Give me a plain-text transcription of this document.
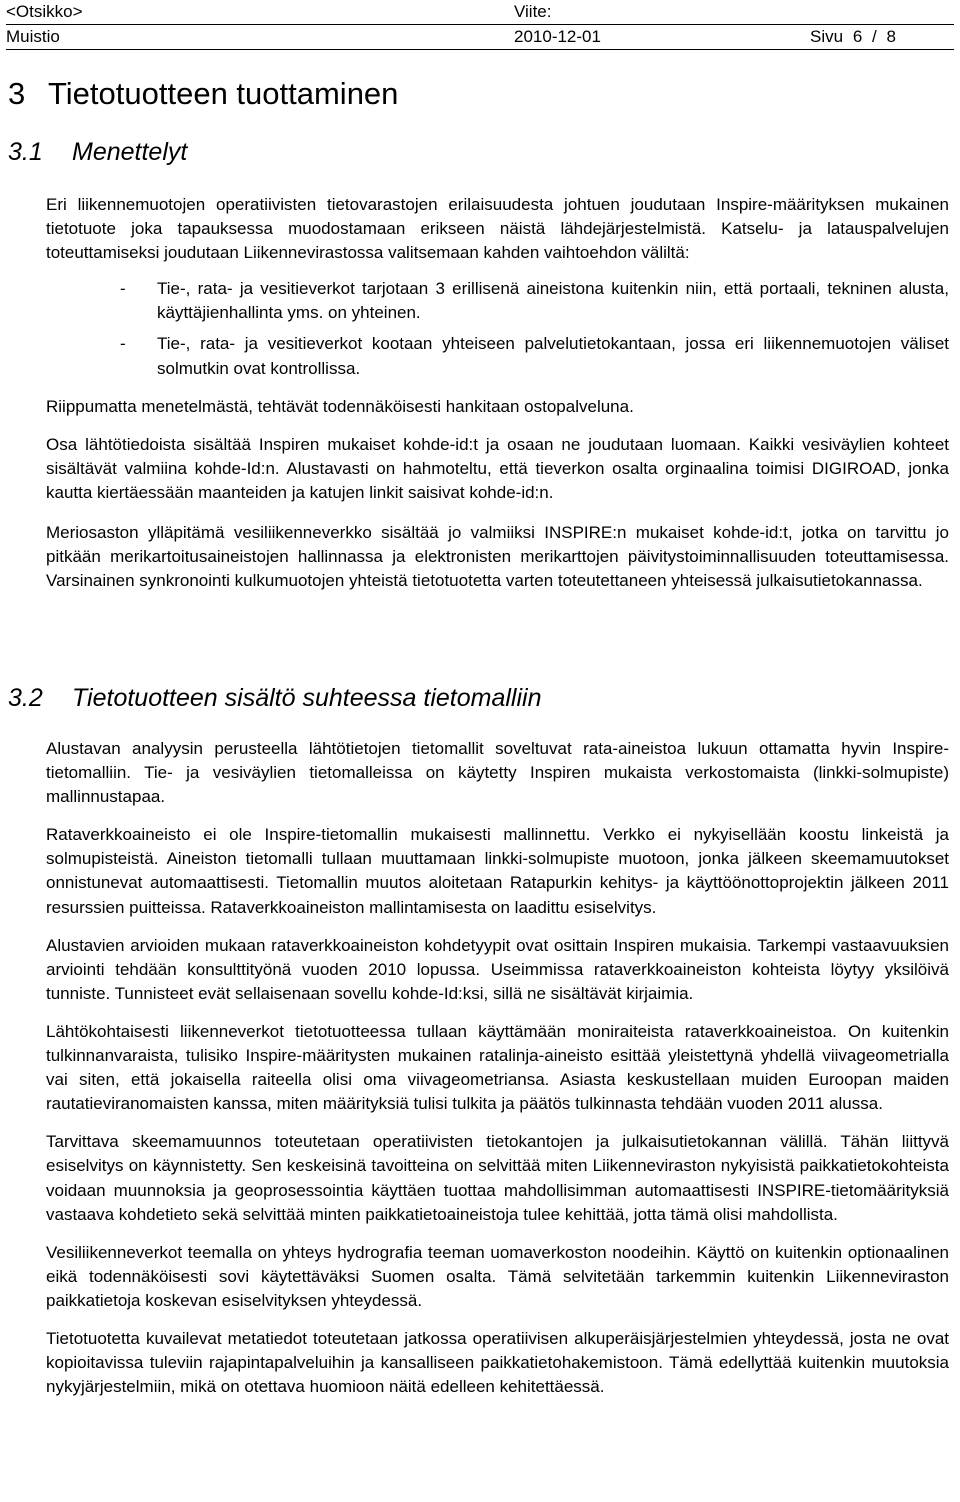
<Otsikko>	Viite:
Muistio	2010-12-01	Sivu 6 / 8
3 Tietotuotteen tuottaminen
3.1 Menettelyt

Eri liikennemuotojen operatiivisten tietovarastojen erilaisuudesta johtuen joudutaan Inspire-määrityksen mukainen tietotuote joka tapauksessa muodostamaan erikseen näistä lähdejärjestelmistä. Katselu- ja latauspalvelujen toteuttamiseksi joudutaan Liikennevirastossa valitsemaan kahden vaihtoehdon väliltä:

- Tie-, rata- ja vesitieverkot tarjotaan 3 erillisenä aineistona kuitenkin niin, että portaali, tekninen alusta, käyttäjienhallinta yms. on yhteinen.
- Tie-, rata- ja vesitieverkot kootaan yhteiseen palvelutietokantaan, jossa eri liikennemuotojen väliset solmutkin ovat kontrollissa.

Riippumatta menetelmästä, tehtävät todennäköisesti hankitaan ostopalveluna.

Osa lähtötiedoista sisältää Inspiren mukaiset kohde-id:t ja osaan ne joudutaan luomaan. Kaikki vesiväylien kohteet sisältävät valmiina kohde-Id:n. Alustavasti on hahmoteltu, että tieverkon osalta orginaalina toimisi DIGIROAD, jonka kautta kiertäessään maanteiden ja katujen linkit saisivat kohde-id:n.

Meriosaston ylläpitämä vesiliikenneverkko sisältää jo valmiiksi INSPIRE:n mukaiset kohde-id:t, jotka on tarvittu jo pitkään merikartoitusaineistojen hallinnassa ja elektronisten merikarttojen päivitystoiminnallisuuden toteuttamisessa. Varsinainen synkronointi kulkumuotojen yhteistä tietotuotetta varten toteutettaneen yhteisessä julkaisutietokannassa.

3.2 Tietotuotteen sisältö suhteessa tietomalliin

Alustavan analyysin perusteella lähtötietojen tietomallit soveltuvat rata-aineistoa lukuun ottamatta hyvin Inspire-tietomalliin. Tie- ja vesiväylien tietomalleissa on käytetty Inspiren mukaista verkostomaista (linkki-solmupiste) mallinnustapaa.

Rataverkkoaineisto ei ole Inspire-tietomallin mukaisesti mallinnettu. Verkko ei nykyisellään koostu linkeistä ja solmupisteistä. Aineiston tietomalli tullaan muuttamaan linkki-solmupiste muotoon, jonka jälkeen skeemamuutokset onnistunevat automaattisesti. Tietomallin muutos aloitetaan Ratapurkin kehitys- ja käyttöönottoprojektin jälkeen 2011 resurssien puitteissa. Rataverkkoaineiston mallintamisesta on laadittu esiselvitys.

Alustavien arvioiden mukaan rataverkkoaineiston kohdetyypit ovat osittain Inspiren mukaisia. Tarkempi vastaavuuksien arviointi tehdään konsulttityönä vuoden 2010 lopussa. Useimmissa rataverkkoaineiston kohteista löytyy yksilöivä tunniste. Tunnisteet evät sellaisenaan sovellu kohde-Id:ksi, sillä ne sisältävät kirjaimia.

Lähtökohtaisesti liikenneverkot tietotuotteessa tullaan käyttämään moniraiteista rataverkkoaineistoa. On kuitenkin tulkinnanvaraista, tulisiko Inspire-määritysten mukainen ratalinja-aineisto esittää yleistettynä yhdellä viivageometrialla vai siten, että jokaisella raiteella olisi oma viivageometriansa. Asiasta keskustellaan muiden Euroopan maiden rautatieviranomaisten kanssa, miten määrityksiä tulisi tulkita ja päätös tulkinnasta tehdään vuoden 2011 alussa.

Tarvittava skeemamuunnos toteutetaan operatiivisten tietokantojen ja julkaisutietokannan välillä. Tähän liittyvä esiselvitys on käynnistetty. Sen keskeisinä tavoitteina on selvittää miten Liikenneviraston nykyisistä paikkatietokohteista voidaan muunnoksia ja geoprosessointia käyttäen tuottaa mahdollisimman automaattisesti INSPIRE-tietomäärityksiä vastaava kohdetieto sekä selvittää minten paikkatietoaineistoja tulee kehittää, jotta tämä olisi mahdollista.

Vesiliikenneverkot teemalla on yhteys hydrografia teeman uomaverkoston noodeihin. Käyttö on kuitenkin optionaalinen eikä todennäköisesti sovi käytettäväksi Suomen osalta. Tämä selvitetään tarkemmin kuitenkin Liikenneviraston paikkatietoja koskevan esiselvityksen yhteydessä.

Tietotuotetta kuvailevat metatiedot toteutetaan jatkossa operatiivisen alkuperäisjärjestelmien yhteydessä, josta ne ovat kopioitavissa tuleviin rajapintapalveluihin ja kansalliseen paikkatietohakemistoon. Tämä edellyttää kuitenkin muutoksia nykyjärjestelmiin, mikä on otettava huomioon näitä edelleen kehitettäessä.
